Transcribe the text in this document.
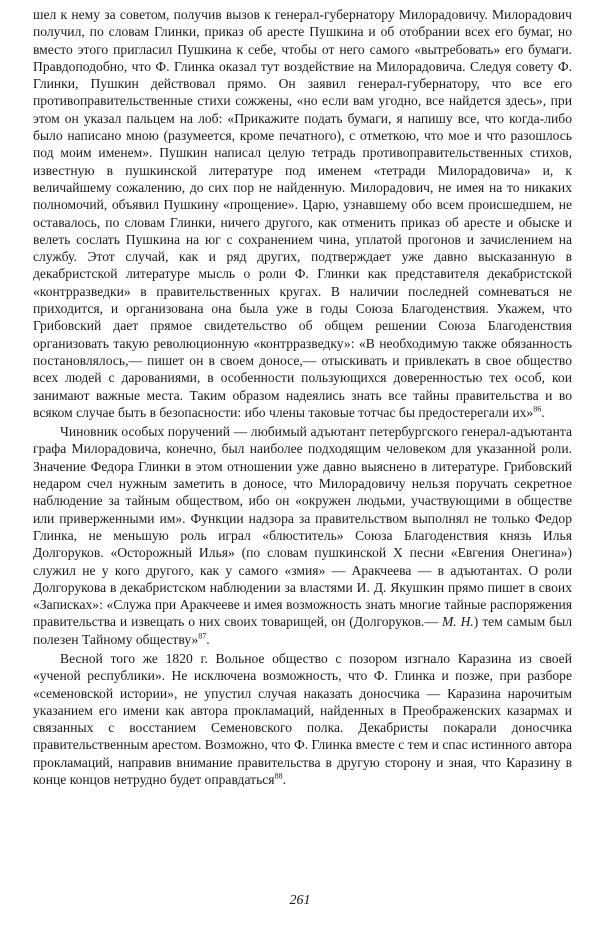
шел к нему за советом, получив вызов к генерал-губернатору Милорадовичу. Милорадович получил, по словам Глинки, приказ об аресте Пушкина и об отобрании всех его бумаг, но вместо этого пригласил Пушкина к себе, чтобы от него самого «вытребовать» его бумаги. Правдоподобно, что Ф. Глинка оказал тут воздействие на Милорадовича. Следуя совету Ф. Глинки, Пушкин действовал прямо. Он заявил генерал-губернатору, что все его противоправительственные стихи сожжены, «но если вам угодно, все найдется здесь», при этом он указал пальцем на лоб: «Прикажите подать бумаги, я напишу все, что когда-либо было написано мною (разумеется, кроме печатного), с отметкою, что мое и что разошлось под моим именем». Пушкин написал целую тетрадь противоправительственных стихов, известную в пушкинской литературе под именем «тетради Милорадовича» и, к величайшему сожалению, до сих пор не найденную. Милорадович, не имея на то никаких полномочий, объявил Пушкину «прощение». Царю, узнавшему обо всем происшедшем, не оставалось, по словам Глинки, ничего другого, как отменить приказ об аресте и обыске и велеть сослать Пушкина на юг с сохранением чина, уплатой прогонов и зачислением на службу. Этот случай, как и ряд других, подтверждает уже давно высказанную в декабристской литературе мысль о роли Ф. Глинки как представителя декабристской «контрразведки» в правительственных кругах. В наличии последней сомневаться не приходится, и организована она была уже в годы Союза Благоденствия. Укажем, что Грибовский дает прямое свидетельство об общем решении Союза Благоденствия организовать такую революционную «контрразведку»: «В необходимую также обязанность постановлялось,— пишет он в своем доносе,— отыскивать и привлекать в свое общество всех людей с дарованиями, в особенности пользующихся доверенностью тех особ, кои занимают важные места. Таким образом надеялись знать все тайны правительства и во всяком случае быть в безопасности: ибо члены таковые тотчас бы предостерегали их»$^{86}$.

Чиновник особых поручений — любимый адъютант петербургского генерал-адъютанта графа Милорадовича, конечно, был наиболее подходящим человеком для указанной роли. Значение Федора Глинки в этом отношении уже давно выяснено в литературе. Грибовский недаром счел нужным заметить в доносе, что Милорадовичу нельзя поручать секретное наблюдение за тайным обществом, ибо он «окружен людьми, участвующими в обществе или приверженными им». Функции надзора за правительством выполнял не только Федор Глинка, не меньшую роль играл «блюститель» Союза Благоденствия князь Илья Долгоруков. «Осторожный Илья» (по словам пушкинской X песни «Евгения Онегина») служил не у кого другого, как у самого «змия» — Аракчеева — в адъютантах. О роли Долгорукова в декабристском наблюдении за властями И. Д. Якушкин прямо пишет в своих «Записках»: «Служа при Аракчееве и имея возможность знать многие тайные распоряжения правительства и извещать о них своих товарищей, он (Долгоруков.— М. Н.) тем самым был полезен Тайному обществу»$^{87}$.

Весной того же 1820 г. Вольное общество с позором изгнало Каразина из своей «ученой республики». Не исключена возможность, что Ф. Глинка и позже, при разборе «семеновской истории», не упустил случая наказать доносчика — Каразина нарочитым указанием его имени как автора прокламаций, найденных в Преображенских казармах и связанных с восстанием Семеновского полка. Декабристы покарали доносчика правительственным арестом. Возможно, что Ф. Глинка вместе с тем и спас истинного автора прокламаций, направив внимание правительства в другую сторону и зная, что Каразину в конце концов нетрудно будет оправдаться$^{88}$.

261
